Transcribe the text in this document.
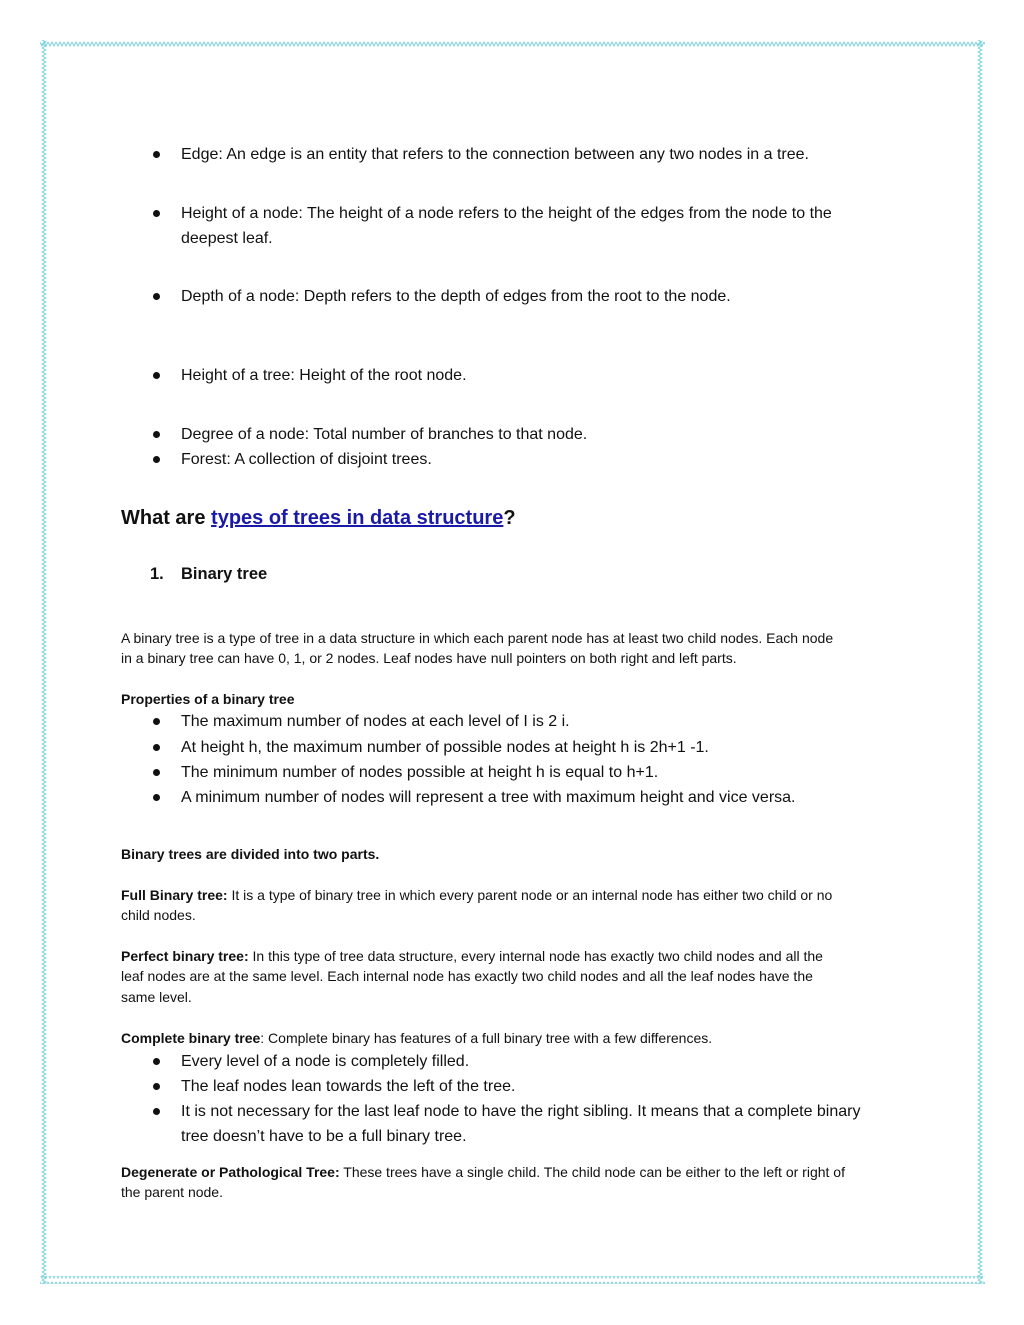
Edge: An edge is an entity that refers to the connection between any two nodes in a tree.
Height of a node: The height of a node refers to the height of the edges from the node to the
deepest leaf.
Depth of a node: Depth refers to the depth of edges from the root to the node.
Height of a tree: Height of the root node.
Degree of a node: Total number of branches to that node.
Forest: A collection of disjoint trees.
What are types of trees in data structure?
1. Binary tree
A binary tree is a type of tree in a data structure in which each parent node has at least two child nodes. Each node
in a binary tree can have 0, 1, or 2 nodes. Leaf nodes have null pointers on both right and left parts.
Properties of a binary tree
The maximum number of nodes at each level of I is 2 i.
At height h, the maximum number of possible nodes at height h is 2h+1 -1.
The minimum number of nodes possible at height h is equal to h+1.
A minimum number of nodes will represent a tree with maximum height and vice versa.
Binary trees are divided into two parts.
Full Binary tree: It is a type of binary tree in which every parent node or an internal node has either two child or no
child nodes.
Perfect binary tree: In this type of tree data structure, every internal node has exactly two child nodes and all the
leaf nodes are at the same level. Each internal node has exactly two child nodes and all the leaf nodes have the
same level.
Complete binary tree: Complete binary has features of a full binary tree with a few differences.
Every level of a node is completely filled.
The leaf nodes lean towards the left of the tree.
It is not necessary for the last leaf node to have the right sibling. It means that a complete binary
tree doesn’t have to be a full binary tree.
Degenerate or Pathological Tree: These trees have a single child. The child node can be either to the left or right of
the parent node.
